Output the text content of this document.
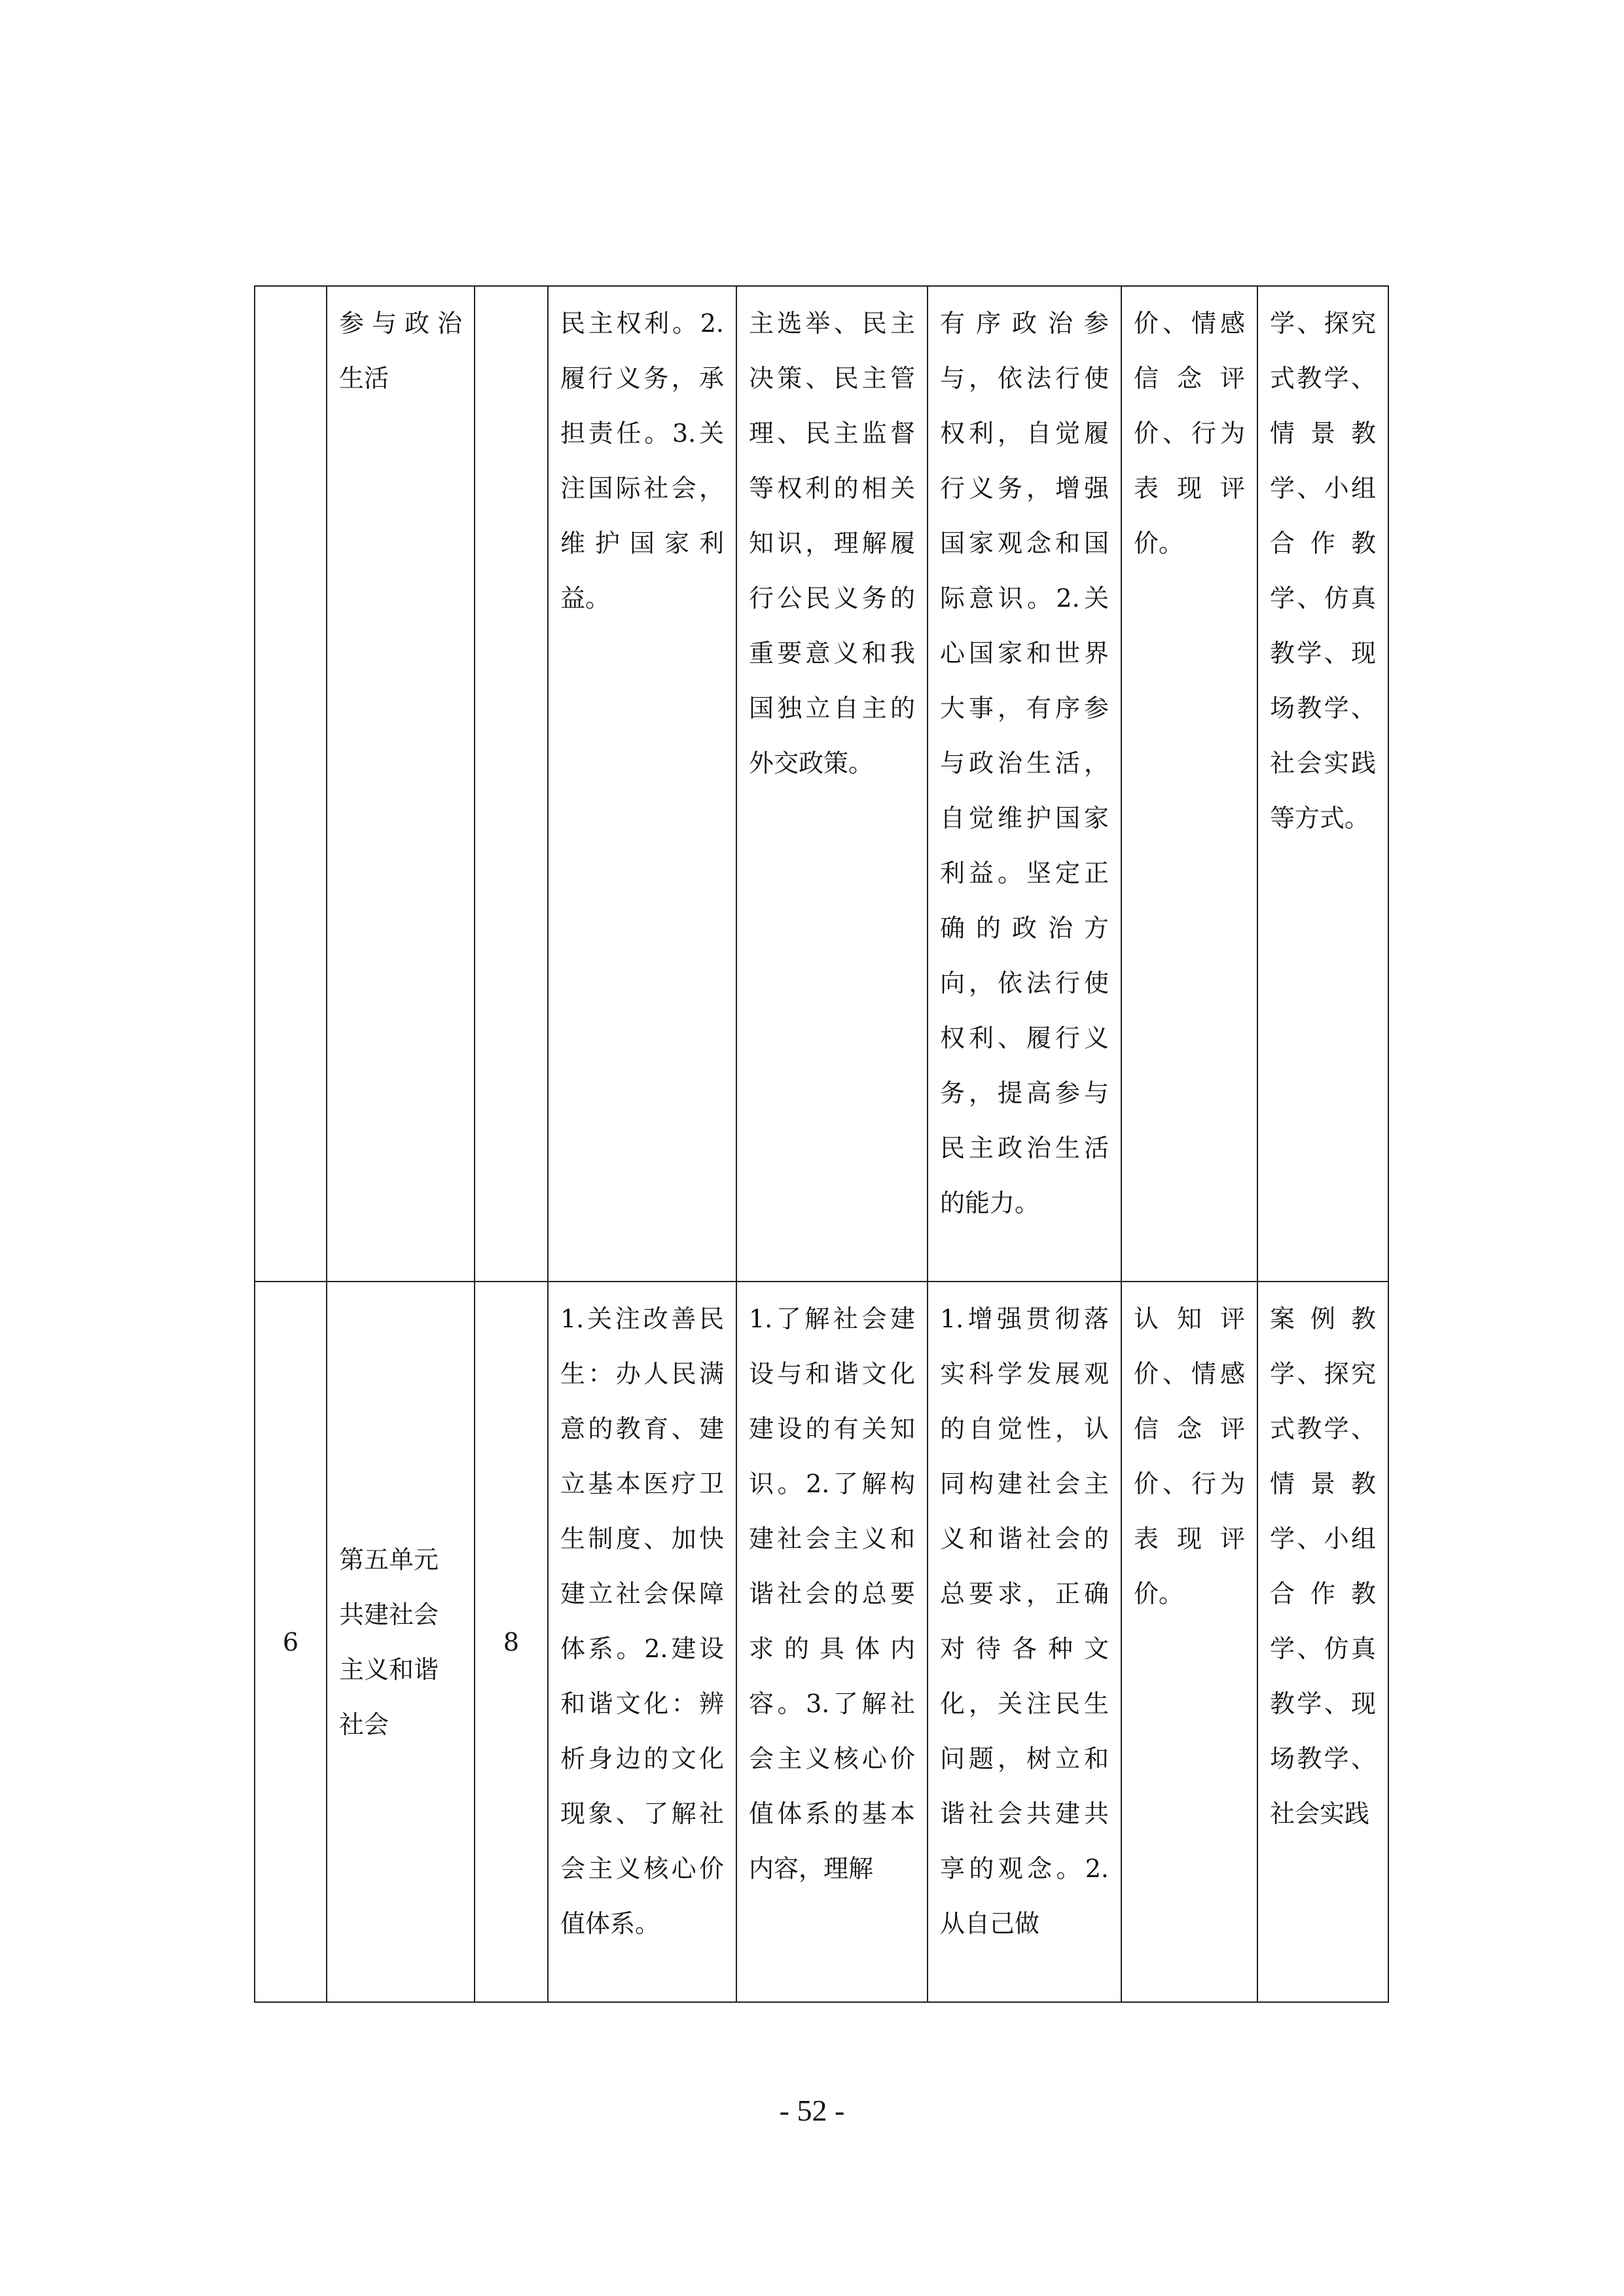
	参与政治生活		民主权利。2.履行义务，承担责任。3.关注国际社会，维护国家利益。	主选举、民主决策、民主管理、民主监督等权利的相关知识，理解履行公民义务的重要意义和我国独立自主的外交政策。	有序政治参与，依法行使权利，自觉履行义务，增强国家观念和国际意识。2.关心国家和世界大事，有序参与政治生活，自觉维护国家利益。坚定正确的政治方向，依法行使权利、履行义务，提高参与民主政治生活的能力。	价、情感信念评价、行为表现评价。	学、探究式教学、情景教学、小组合作教学、仿真教学、现场教学、社会实践等方式。
6	第五单元共建社会主义和谐社会	8	1.关注改善民生：办人民满意的教育、建立基本医疗卫生制度、加快建立社会保障体系。2.建设和谐文化：辨析身边的文化现象、了解社会主义核心价值体系。	1.了解社会建设与和谐文化建设的有关知识。2.了解构建社会主义和谐社会的总要求的具体内容。3.了解社会主义核心价值体系的基本内容，理解	1.增强贯彻落实科学发展观的自觉性，认同构建社会主义和谐社会的总要求，正确对待各种文化，关注民生问题，树立和谐社会共建共享的观念。2.从自己做	认知评价、情感信念评价、行为表现评价。	案例教学、探究式教学、情景教学、小组合作教学、仿真教学、现场教学、社会实践
- 52 -
